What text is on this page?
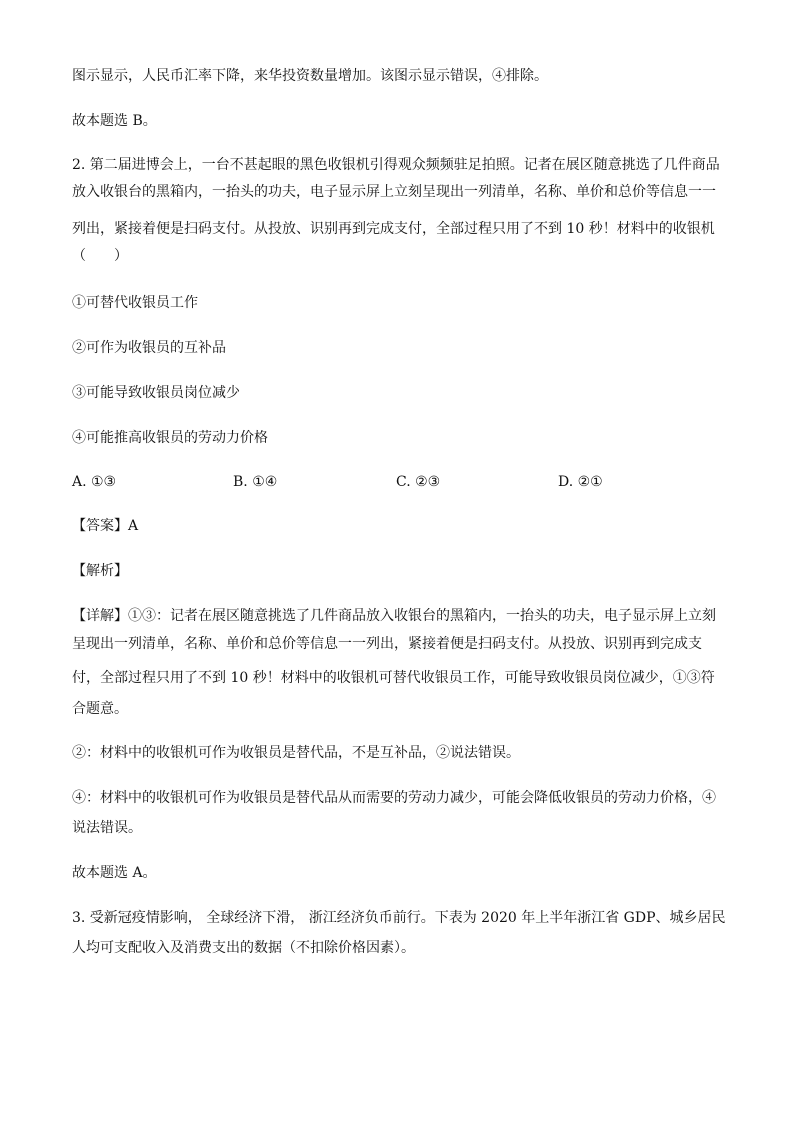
图示显示，人民币汇率下降，来华投资数量增加。该图示显示错误，④排除。
故本题选 B。
2. 第二届进博会上，一台不甚起眼的黑色收银机引得观众频频驻足拍照。记者在展区随意挑选了几件商品
放入收银台的黑箱内，一抬头的功夫，电子显示屏上立刻呈现出一列清单，名称、单价和总价等信息一一
列出，紧接着便是扫码支付。从投放、识别再到完成支付，全部过程只用了不到 10 秒！材料中的收银机
（　　）
①可替代收银员工作
②可作为收银员的互补品
③可能导致收银员岗位减少
④可能推高收银员的劳动力价格
A. ①③	B. ①④	C. ②③	D. ②①
【答案】A
【解析】
【详解】①③：记者在展区随意挑选了几件商品放入收银台的黑箱内，一抬头的功夫，电子显示屏上立刻
呈现出一列清单，名称、单价和总价等信息一一列出，紧接着便是扫码支付。从投放、识别再到完成支
付，全部过程只用了不到 10 秒！材料中的收银机可替代收银员工作，可能导致收银员岗位减少，①③符
合题意。
②：材料中的收银机可作为收银员是替代品，不是互补品，②说法错误。
④：材料中的收银机可作为收银员是替代品从而需要的劳动力减少，可能会降低收银员的劳动力价格，④
说法错误。
故本题选 A。
3. 受新冠疫情影响， 全球经济下滑， 浙江经济负币前行。下表为 2020 年上半年浙江省 GDP、城乡居民
人均可支配收入及消费支出的数据（不扣除价格因素）。
